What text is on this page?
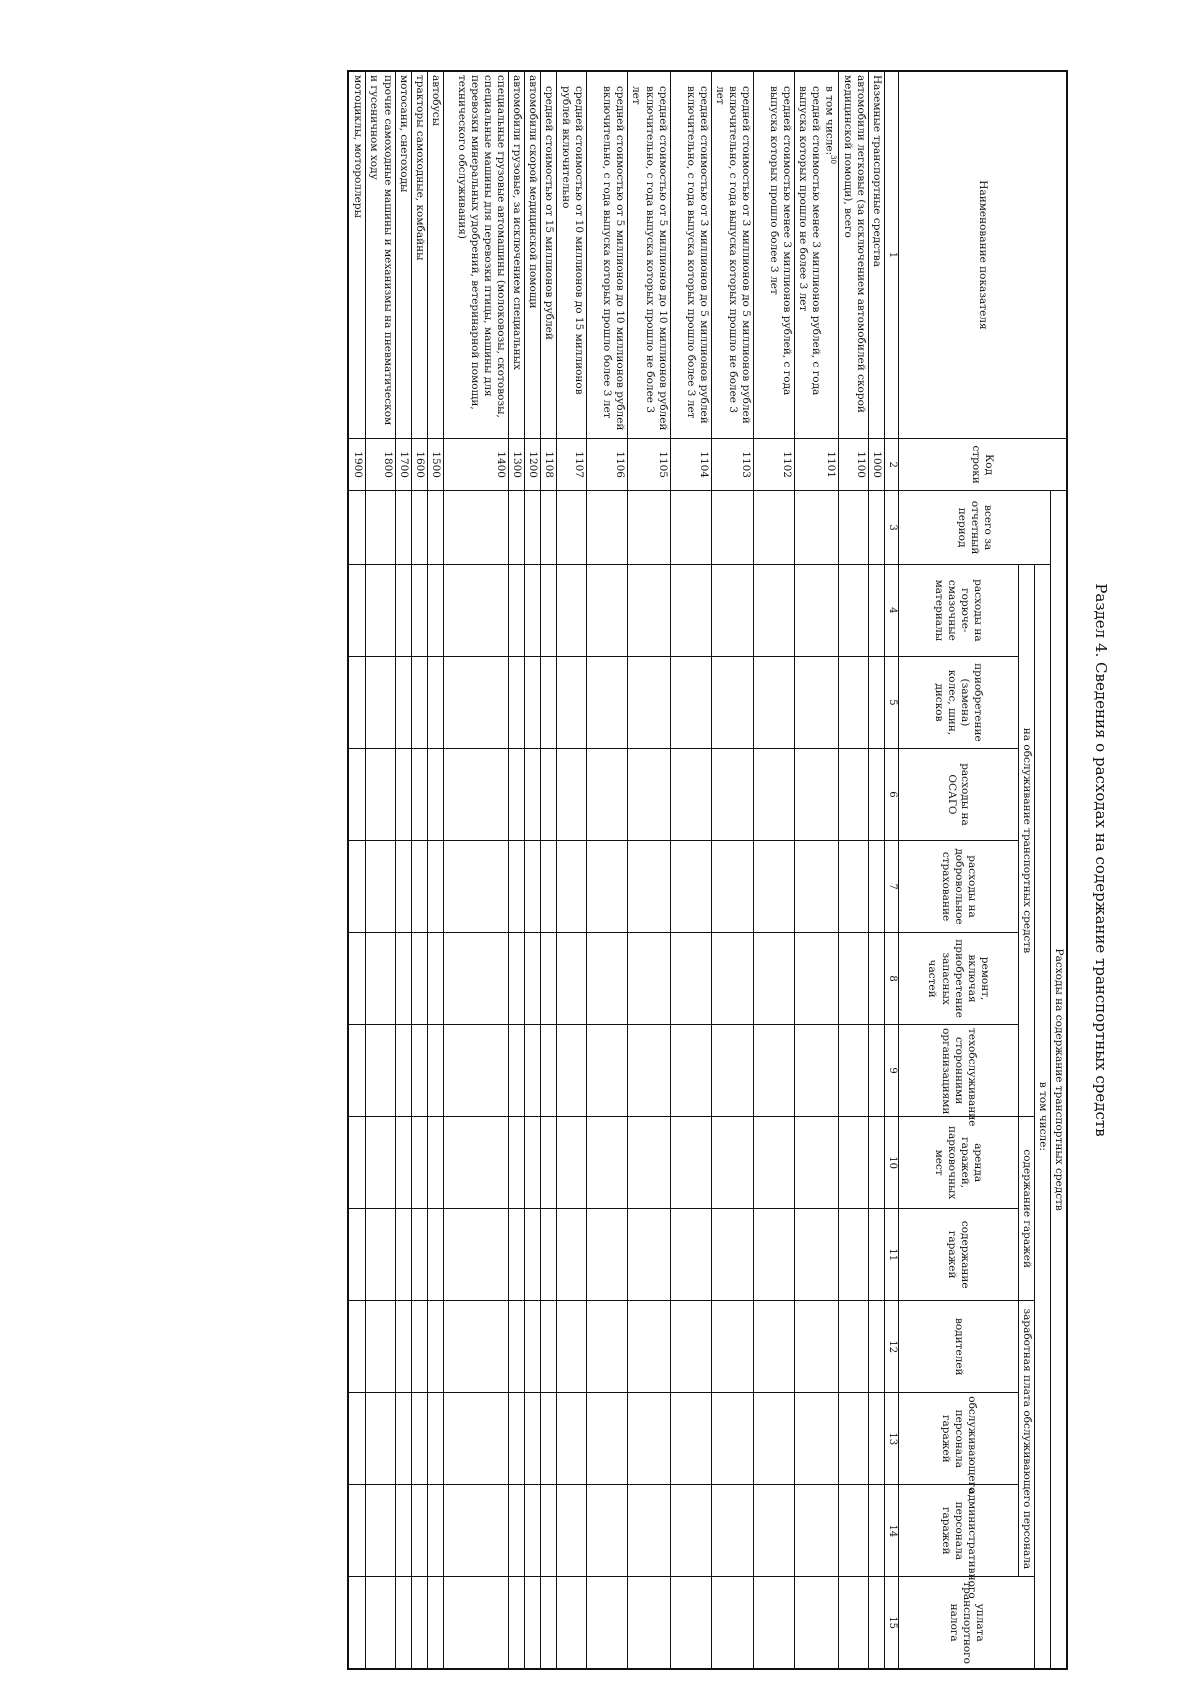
Раздел 4. Сведения о расходах на содержание транспортных средств
Наименование показателя	Код строки	Расходы на содержание транспортных средств												
		всего за отчетный период	в том числе:											
			на обслуживание транспортных средств						содержание гаражей		заработная плата обслуживающего персонала			уплата транспортного налога
			расходы на горюче-смазочные материалы	приобретение (замена) колес, шин, дисков	расходы на ОСАГО	расходы на добровольное страхование	ремонт, включая приобретение запасных частей	техобслуживание сторонними организациями	аренда гаражей, парковочных мест	содержание гаражей	водителей	обслуживающего персонала гаражей	административного персонала гаражей	
1	2	3	4	5	6	7	8	9	10	11	12	13	14	15
Наземные транспортные средства	1000													
автомобили легковые (за исключением автомобилей скорой медицинской помощи), всего	1100													
в том числе:$^{30}$
средней стоимостью менее 3 миллионов рублей, с года выпуска которых прошло не более 3 лет	1101													
средней стоимостью менее 3 миллионов рублей, с года выпуска которых прошло более 3 лет	1102													
средней стоимостью от 3 миллионов до 5 миллионов рублей включительно, с года выпуска которых прошло не более 3 лет	1103													
средней стоимостью от 3 миллионов до 5 миллионов рублей включительно, с года выпуска которых прошло более 3 лет	1104													
средней стоимостью от 5 миллионов до 10 миллионов рублей включительно, с года выпуска которых прошло не более 3 лет	1105													
средней стоимостью от 5 миллионов до 10 миллионов рублей включительно, с года выпуска которых прошло более 3 лет	1106													
средней стоимостью от 10 миллионов до 15 миллионов рублей включительно	1107													
средней стоимостью от 15 миллионов рублей	1108													
автомобили скорой медицинской помощи	1200													
автомобили грузовые, за исключением специальных	1300													
специальные грузовые автомашины (молоковозы, скотовозы, специальные машины для перевозки птицы, машины для перевозки минеральных удобрений, ветеринарной помощи, технического обслуживания)	1400													
автобусы	1500													
тракторы самоходные, комбайны	1600													
мотосани, снегоходы	1700													
прочие самоходные машины и механизмы на пневматическом и гусеничном ходу	1800													
мотоциклы, мотороллеры	1900													
